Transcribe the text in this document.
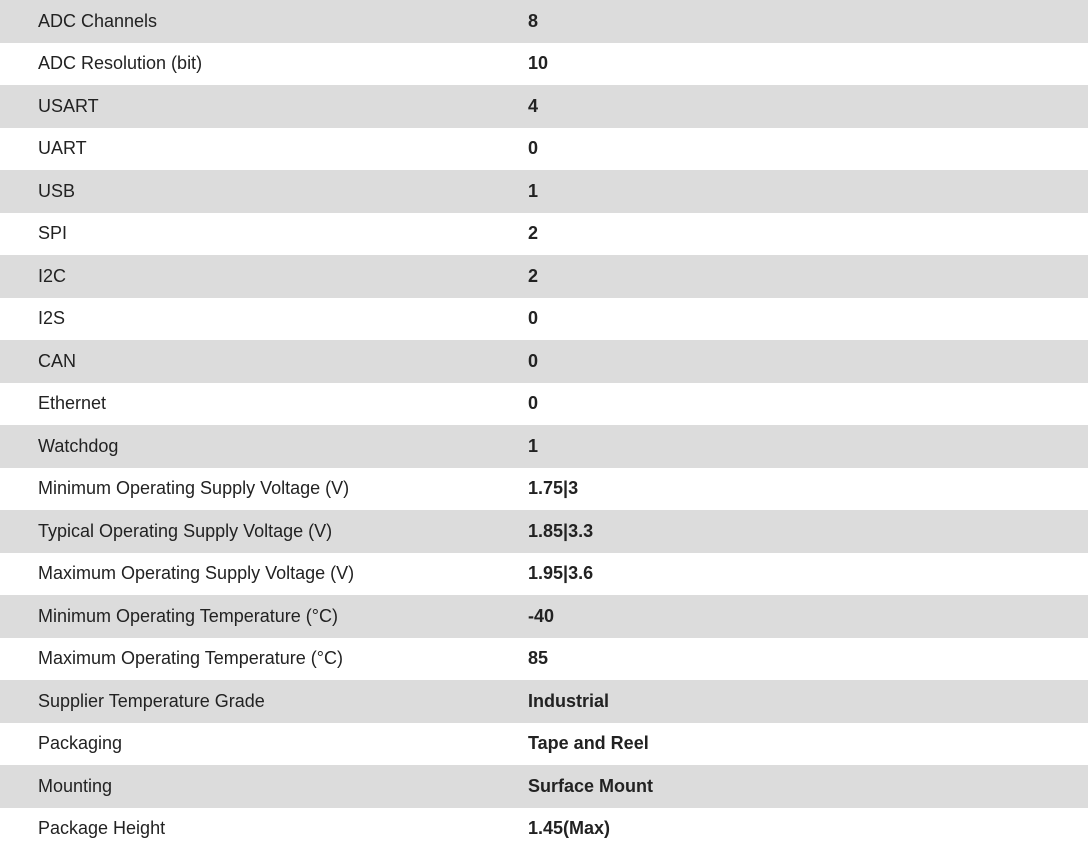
ADC Channels	8
ADC Resolution (bit)	10
USART	4
UART	0
USB	1
SPI	2
I2C	2
I2S	0
CAN	0
Ethernet	0
Watchdog	1
Minimum Operating Supply Voltage (V)	1.75|3
Typical Operating Supply Voltage (V)	1.85|3.3
Maximum Operating Supply Voltage (V)	1.95|3.6
Minimum Operating Temperature (°C)	-40
Maximum Operating Temperature (°C)	85
Supplier Temperature Grade	Industrial
Packaging	Tape and Reel
Mounting	Surface Mount
Package Height	1.45(Max)
